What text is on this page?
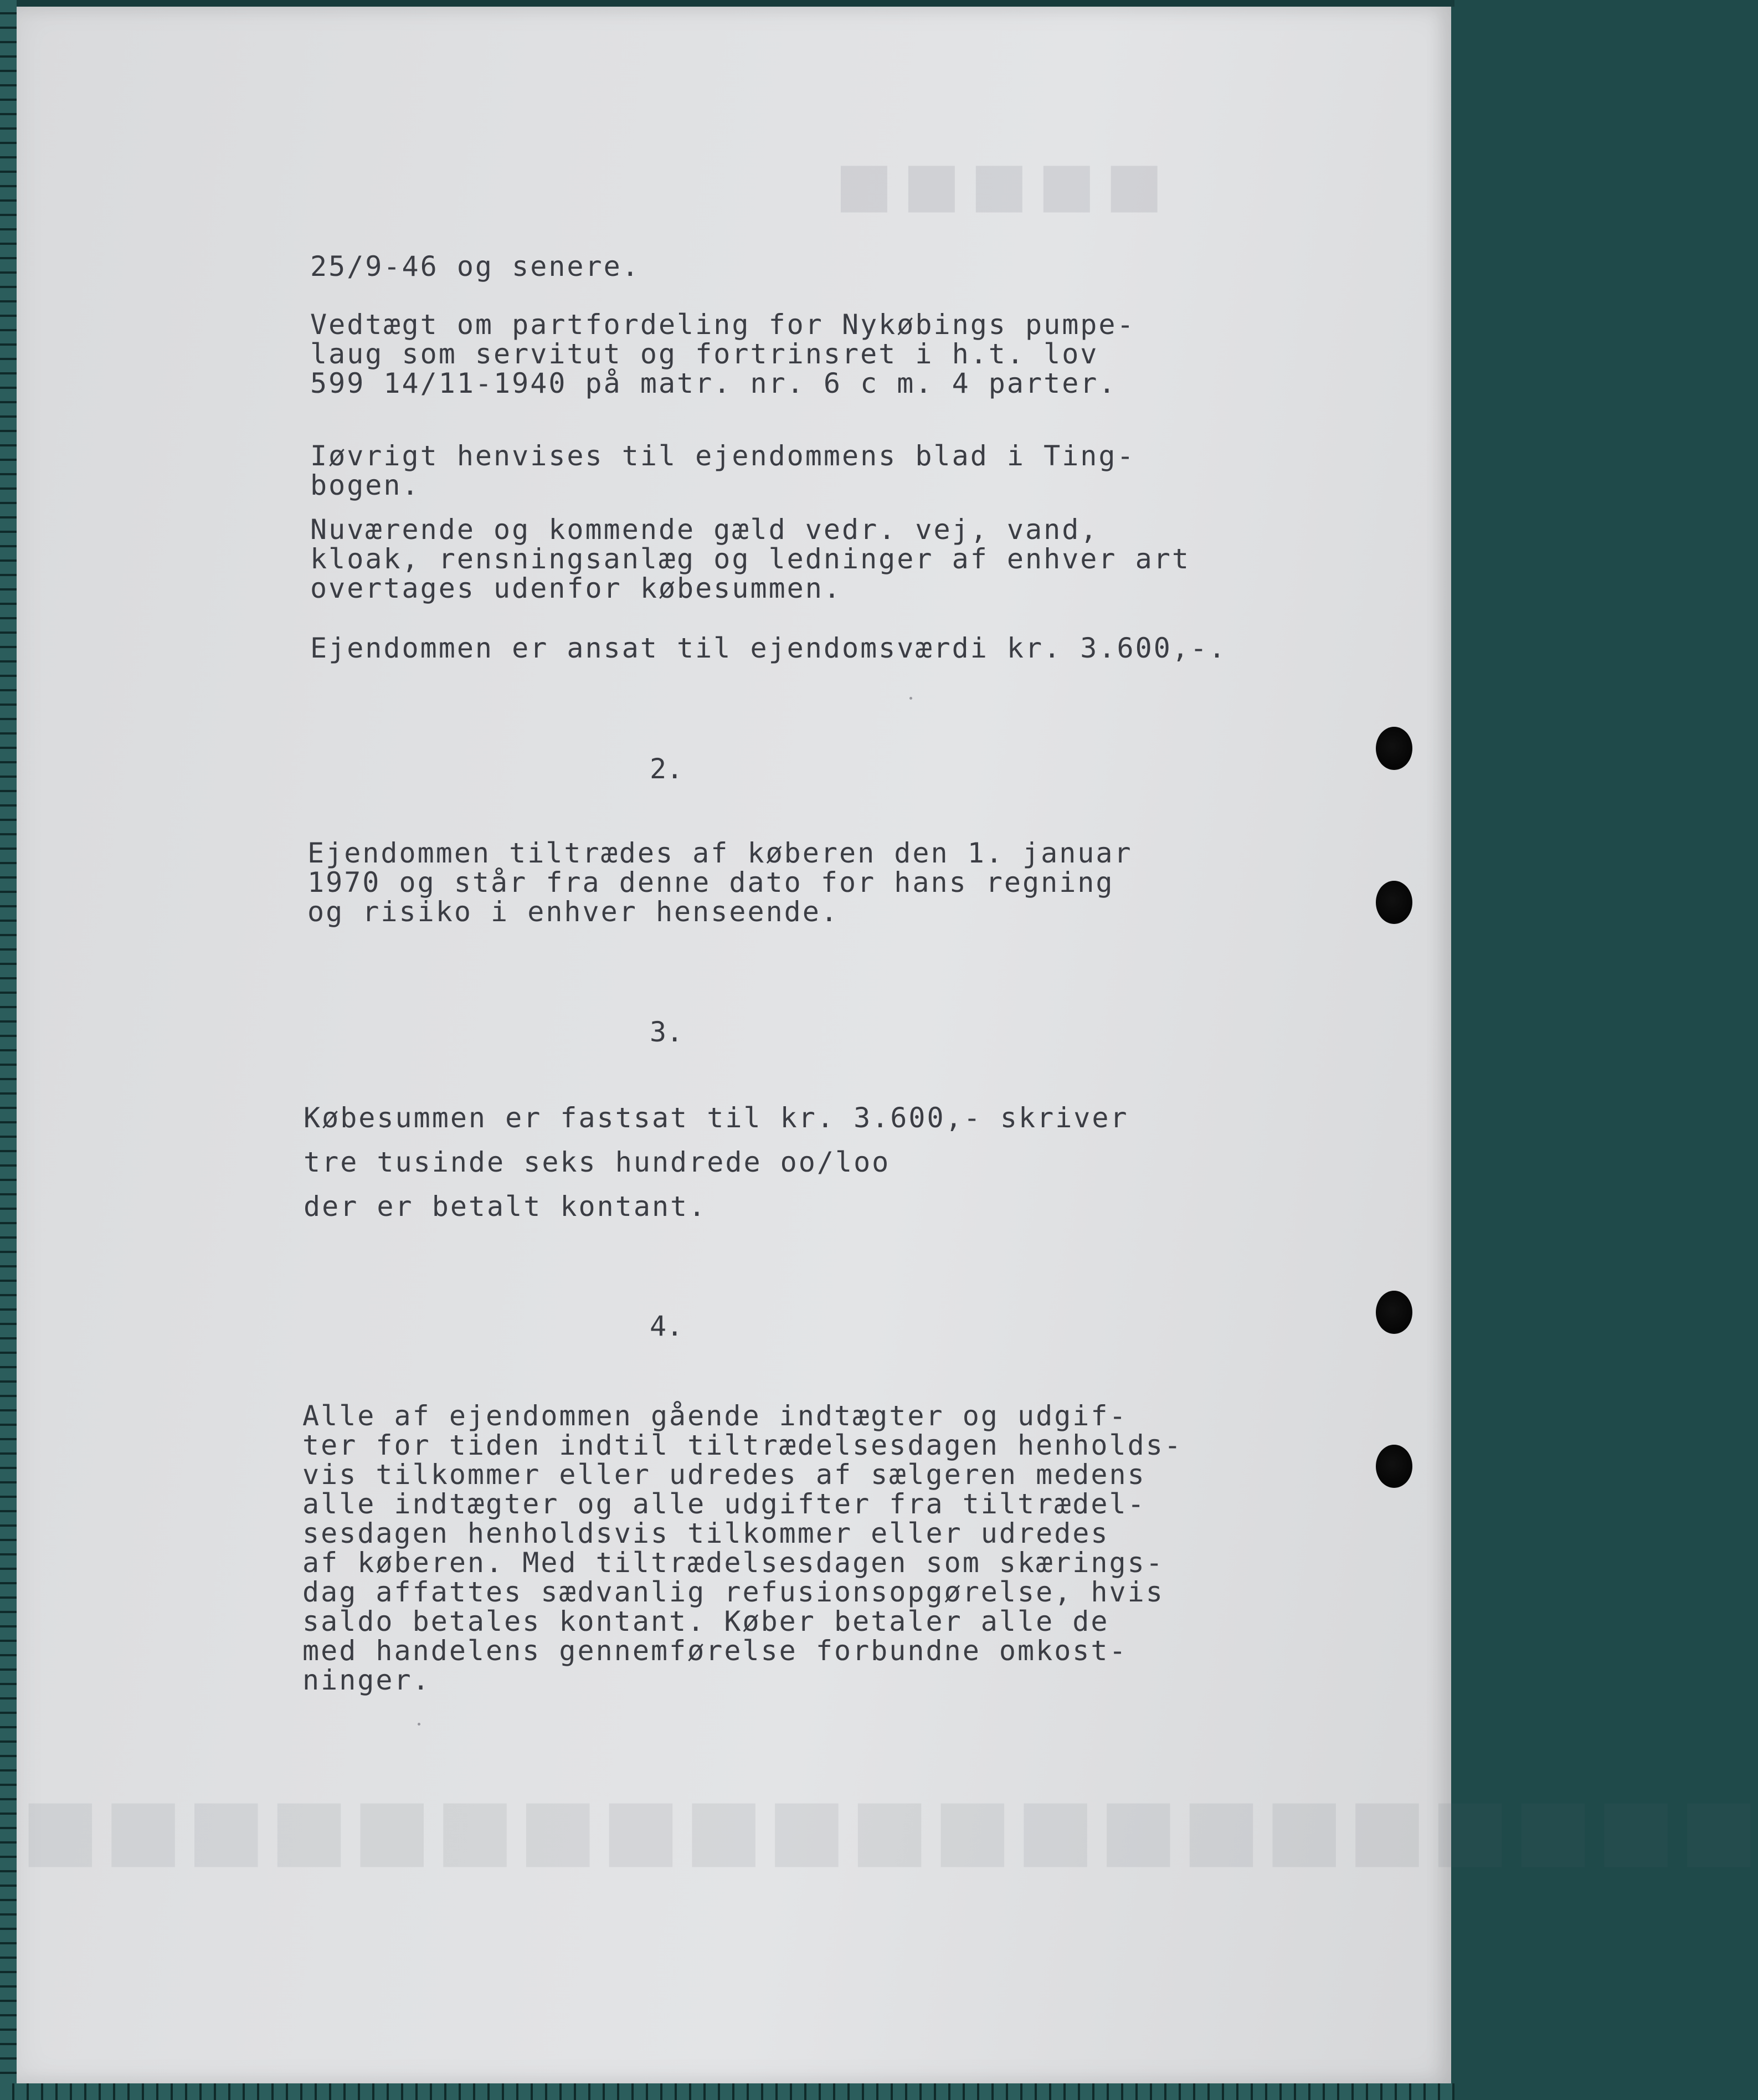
■■■■■
■■■■■■■■■■■■■■■■■■■■■

25/9-46 og senere.

Vedtægt om partfordeling for Nykøbings pumpe-
laug som servitut og fortrinsret i h.t. lov
599 14/11-1940 på matr. nr. 6 c m. 4 parter.

Iøvrigt henvises til ejendommens blad i Ting-
bogen.

Nuværende og kommende gæld vedr. vej, vand,
kloak, rensningsanlæg og ledninger af enhver art
overtages udenfor købesummen.

Ejendommen er ansat til ejendomsværdi kr. 3.600,-.

2.

Ejendommen tiltrædes af køberen den 1. januar
1970 og står fra denne dato for hans regning
og risiko i enhver henseende.

3.

Købesummen er fastsat til kr. 3.600,- skriver

tre tusinde seks hundrede oo/loo

der er betalt kontant.

4.

Alle af ejendommen gående indtægter og udgif-
ter for tiden indtil tiltrædelsesdagen henholds-
vis tilkommer eller udredes af sælgeren medens
alle indtægter og alle udgifter fra tiltrædel-
sesdagen henholdsvis tilkommer eller udredes
af køberen. Med tiltrædelsesdagen som skærings-
dag affattes sædvanlig refusionsopgørelse, hvis
saldo betales kontant. Køber betaler alle de
med handelens gennemførelse forbundne omkost-
ninger.
